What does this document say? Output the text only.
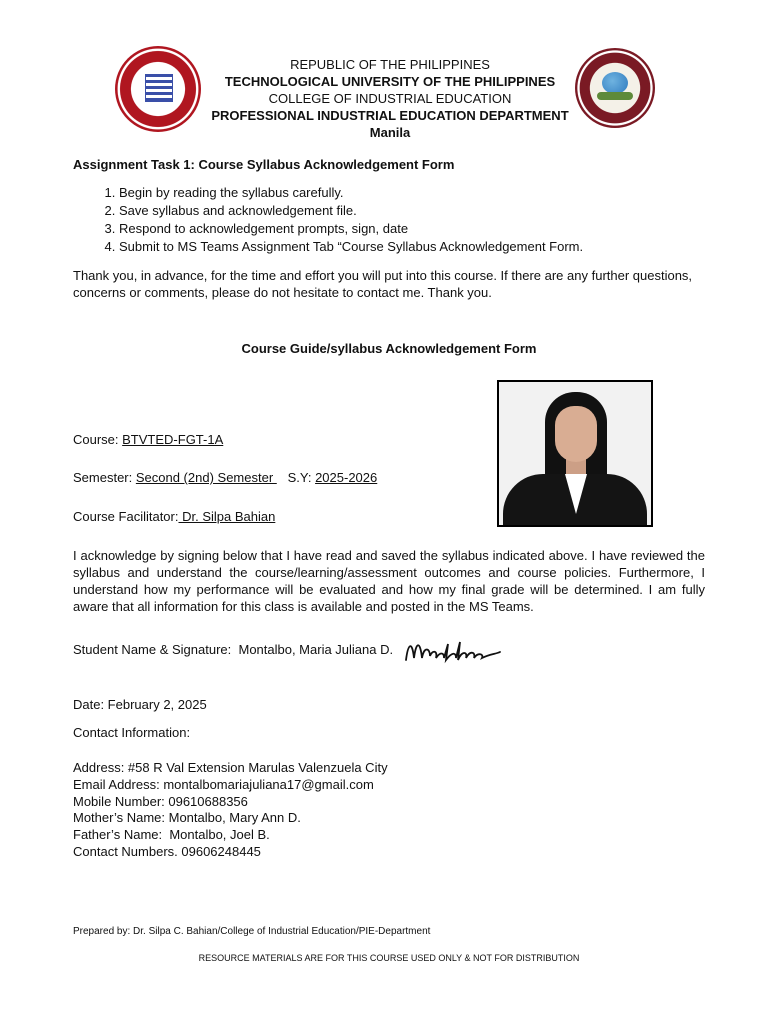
REPUBLIC OF THE PHILIPPINES
TECHNOLOGICAL UNIVERSITY OF THE PHILIPPINES
COLLEGE OF INDUSTRIAL EDUCATION
PROFESSIONAL INDUSTRIAL EDUCATION DEPARTMENT
Manila
Assignment Task 1: Course Syllabus Acknowledgement Form
1. Begin by reading the syllabus carefully.
2. Save syllabus and acknowledgement file.
3. Respond to acknowledgement prompts, sign, date
4. Submit to MS Teams Assignment Tab “Course Syllabus Acknowledgement Form.
Thank you, in advance, for the time and effort you will put into this course. If there are any further questions, concerns or comments, please do not hesitate to contact me. Thank you.
Course Guide/syllabus Acknowledgement Form
Course: BTVTED-FGT-1A
Semester: Second (2nd) Semester    S.Y: 2025-2026
Course Facilitator: Dr. Silpa Bahian
I acknowledge by signing below that I have read and saved the syllabus indicated above. I have reviewed the syllabus and understand the course/learning/assessment outcomes and course policies. Furthermore, I understand how my performance will be evaluated and how my final grade will be determined. I am fully aware that all information for this class is available and posted in the MS Teams.
Student Name & Signature:  Montalbo, Maria Juliana D.
Date: February 2, 2025
Contact Information:
Address: #58 R Val Extension Marulas Valenzuela City
Email Address: montalbomariajuliana17@gmail.com
Mobile Number: 09610688356
Mother’s Name: Montalbo, Mary Ann D.
Father’s Name:  Montalbo, Joel B.
Contact Numbers. 09606248445
Prepared by: Dr. Silpa C. Bahian/College of Industrial Education/PIE-Department
RESOURCE MATERIALS ARE FOR THIS COURSE USED ONLY & NOT FOR DISTRIBUTION
